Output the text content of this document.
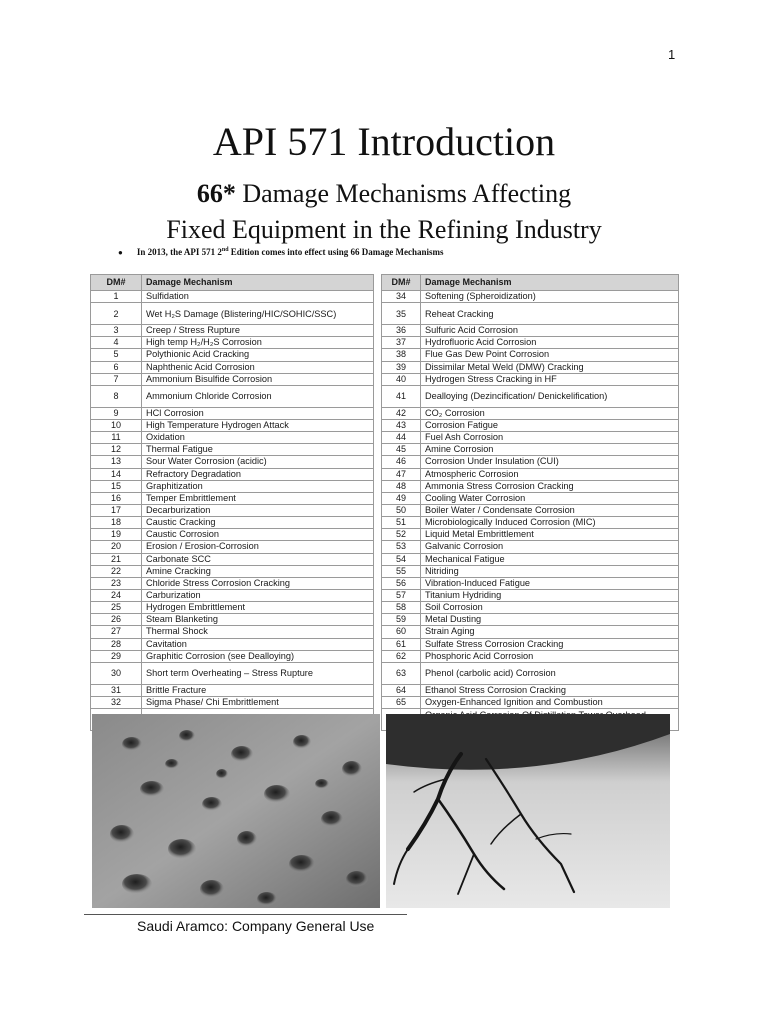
1
API 571 Introduction
66* Damage Mechanisms Affecting
Fixed Equipment in the Refining Industry
● In 2013, the API 571 2nd Edition comes into effect using 66 Damage Mechanisms
DM#	Damage Mechanism		DM#	Damage Mechanism
1	Sulfidation		34	Softening (Spheroidization)
2	Wet H₂S Damage (Blistering/HIC/SOHIC/SSC)		35	Reheat Cracking
3	Creep / Stress Rupture		36	Sulfuric Acid Corrosion
4	High temp H₂/H₂S Corrosion		37	Hydrofluoric Acid Corrosion
5	Polythionic Acid Cracking		38	Flue Gas Dew Point Corrosion
6	Naphthenic Acid Corrosion		39	Dissimilar Metal Weld (DMW) Cracking
7	Ammonium Bisulfide Corrosion		40	Hydrogen Stress Cracking in HF
8	Ammonium Chloride Corrosion		41	Dealloying (Dezincification/ Denickelification)
9	HCl Corrosion		42	CO₂ Corrosion
10	High Temperature Hydrogen Attack		43	Corrosion Fatigue
11	Oxidation		44	Fuel Ash Corrosion
12	Thermal Fatigue		45	Amine Corrosion
13	Sour Water Corrosion (acidic)		46	Corrosion Under Insulation (CUI)
14	Refractory Degradation		47	Atmospheric Corrosion
15	Graphitization		48	Ammonia Stress Corrosion Cracking
16	Temper Embrittlement		49	Cooling Water Corrosion
17	Decarburization		50	Boiler Water / Condensate Corrosion
18	Caustic Cracking		51	Microbiologically Induced Corrosion (MIC)
19	Caustic Corrosion		52	Liquid Metal Embrittlement
20	Erosion / Erosion-Corrosion		53	Galvanic Corrosion
21	Carbonate SCC		54	Mechanical Fatigue
22	Amine Cracking		55	Nitriding
23	Chloride Stress Corrosion Cracking		56	Vibration-Induced Fatigue
24	Carburization		57	Titanium Hydriding
25	Hydrogen Embrittlement		58	Soil Corrosion
26	Steam Blanketing		59	Metal Dusting
27	Thermal Shock		60	Strain Aging
28	Cavitation		61	Sulfate Stress Corrosion Cracking
29	Graphitic Corrosion (see Dealloying)		62	Phosphoric Acid Corrosion
30	Short term Overheating – Stress Rupture		63	Phenol (carbolic acid) Corrosion
31	Brittle Fracture		64	Ethanol Stress Corrosion Cracking
32	Sigma Phase/ Chi Embrittlement		65	Oxygen-Enhanced Ignition and Combustion

Saudi Aramco: Company General Use
